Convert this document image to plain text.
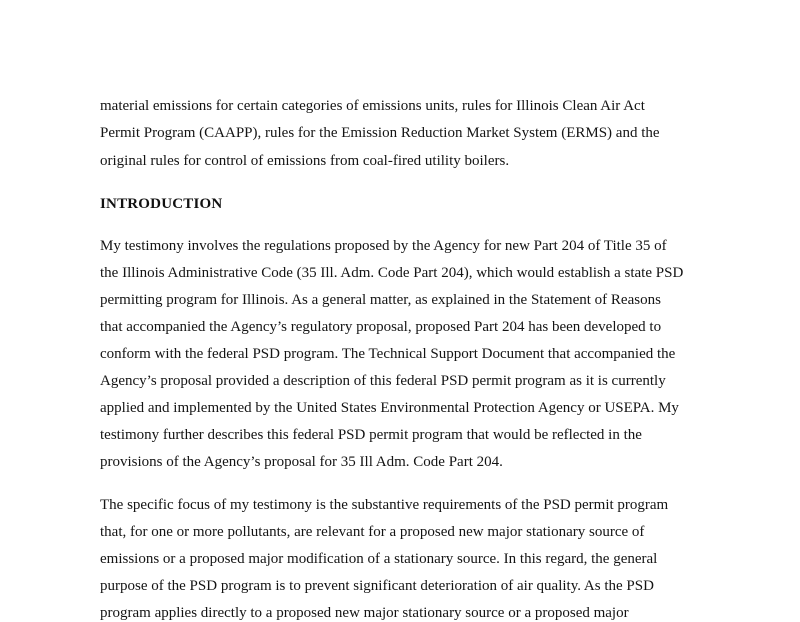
material emissions for certain categories of emissions units, rules for Illinois Clean Air Act
Permit Program (CAAPP), rules for the Emission Reduction Market System (ERMS) and the
original rules for control of emissions from coal-fired utility boilers.
INTRODUCTION
My testimony involves the regulations proposed by the Agency for new Part 204 of Title 35 of
the Illinois Administrative Code (35 Ill. Adm. Code Part 204), which would establish a state PSD
permitting program for Illinois. As a general matter, as explained in the Statement of Reasons
that accompanied the Agency’s regulatory proposal, proposed Part 204 has been developed to
conform with the federal PSD program. The Technical Support Document that accompanied the
Agency’s proposal provided a description of this federal PSD permit program as it is currently
applied and implemented by the United States Environmental Protection Agency or USEPA. My
testimony further describes this federal PSD permit program that would be reflected in the
provisions of the Agency’s proposal for 35 Ill Adm. Code Part 204.
The specific focus of my testimony is the substantive requirements of the PSD permit program
that, for one or more pollutants, are relevant for a proposed new major stationary source of
emissions or a proposed major modification of a stationary source. In this regard, the general
purpose of the PSD program is to prevent significant deterioration of air quality. As the PSD
program applies directly to a proposed new major stationary source or a proposed major
